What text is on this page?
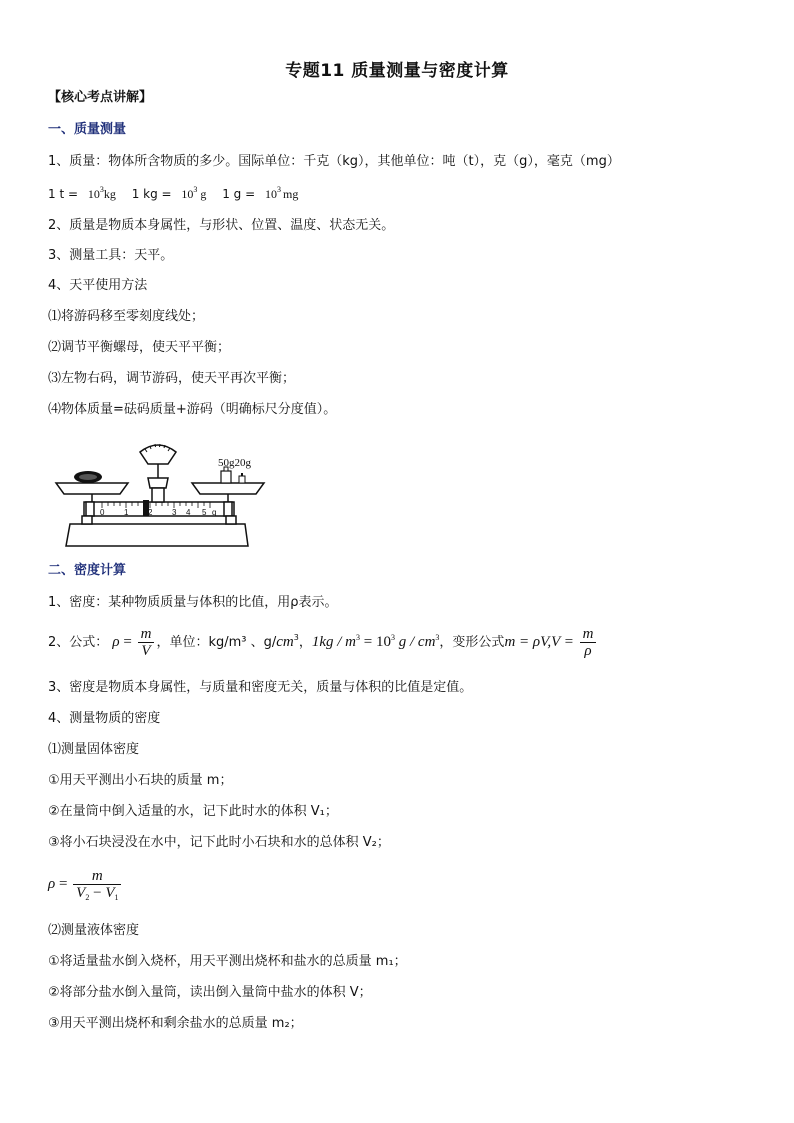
专题11 质量测量与密度计算
【核心考点讲解】
一、质量测量
1、质量：物体所含物质的多少。国际单位：千克（kg），其他单位：吨（t），克（g），毫克（mg）
1 $t = 10^3kg$ 1 kg = $10^3$ g 1 $g = 10^3$ mg
2、质量是物质本身属性，与形状、位置、温度、状态无关。
3、测量工具：天平。
4、天平使用方法
⑴将游码移至零刻度线处；
⑵调节平衡螺母，使天平平衡；
⑶左物右码，调节游码，使天平再次平衡；
⑷物体质量=砝码质量+游码（明确标尺分度值）。
50g20g
0 1 2 3 4 5 g
二、密度计算
1、密度：某种物质质量与体积的比值，用ρ表示。
2、公式： $\rho = \frac{m}{V}$ ，单位：kg/m³ 、$g/cm^3$，$1kg / m^3 = 10^3$ g / $cm^3$，变形公式$m = \rho V,V = \frac{m}{\rho}$
3、密度是物质本身属性，与质量和密度无关，质量与体积的比值是定值。
4、测量物质的密度
⑴测量固体密度
①用天平测出小石块的质量 m；
②在量筒中倒入适量的水，记下此时水的体积 V₁；
③将小石块浸没在水中，记下此时小石块和水的总体积 V₂；
$\rho = \frac{m}{V_2 - V_1}$
⑵测量液体密度
①将适量盐水倒入烧杯，用天平测出烧杯和盐水的总质量 m₁；
②将部分盐水倒入量筒，读出倒入量筒中盐水的体积 V；
③用天平测出烧杯和剩余盐水的总质量 m₂；
